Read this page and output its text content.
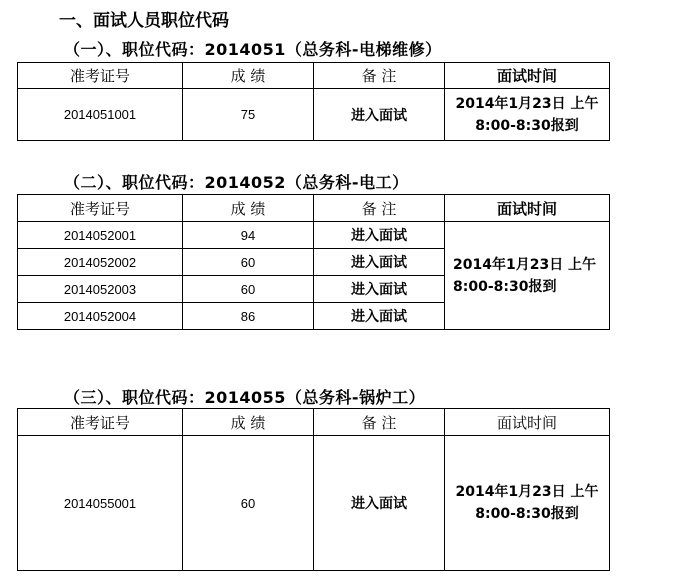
一、面试人员职位代码
（一）、职位代码：2014051（总务科-电梯维修）
准考证号	成 绩	备 注	面试时间
2014051001	75	进入面试	2014年1月23日 上午8:00-8:30报到
（二）、职位代码：2014052（总务科-电工）
准考证号	成 绩	备 注	面试时间
2014052001	94	进入面试	2014年1月23日 上午8:00-8:30报到
2014052002	60	进入面试	
2014052003	60	进入面试	
2014052004	86	进入面试	
（三）、职位代码：2014055（总务科-锅炉工）
准考证号	成 绩	备 注	面试时间
2014055001	60	进入面试	2014年1月23日 上午8:00-8:30报到
